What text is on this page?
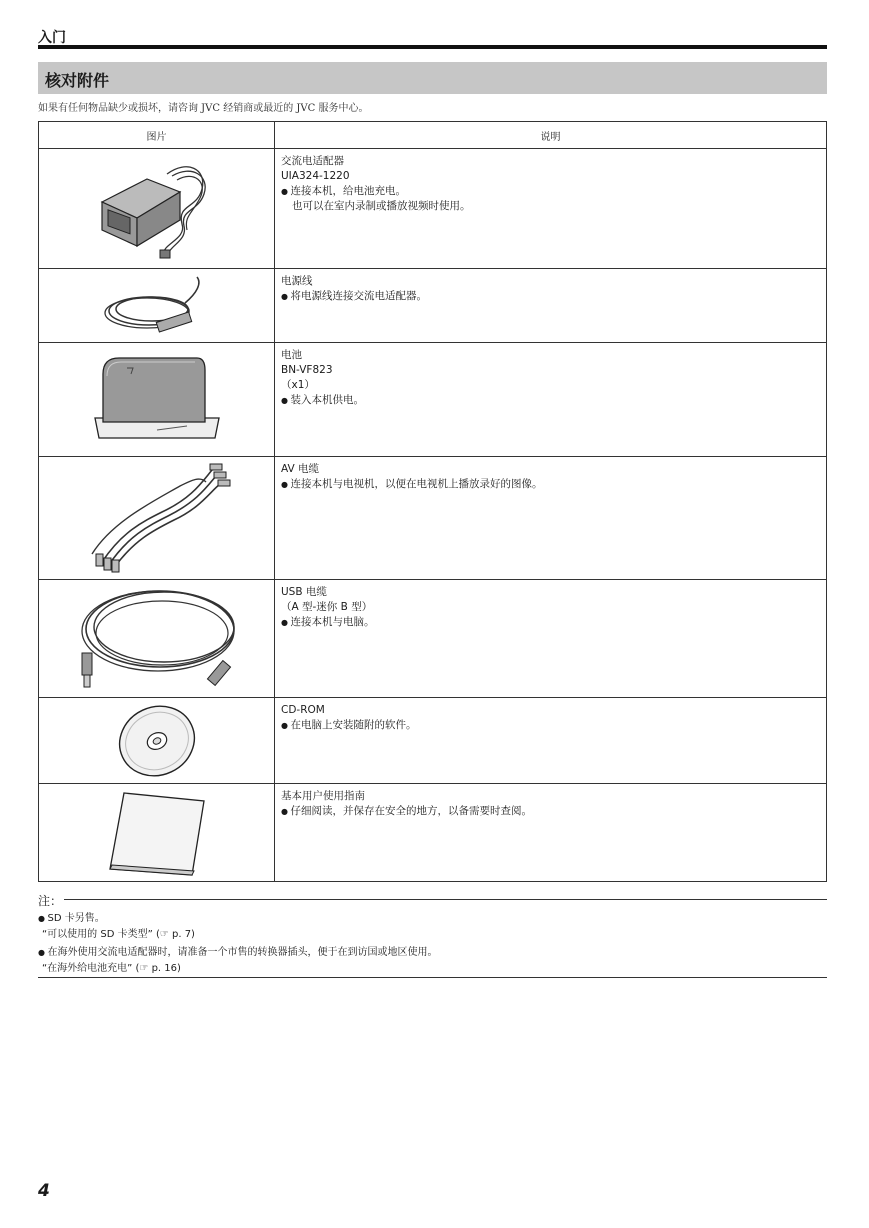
入门
核对附件
如果有任何物品缺少或损坏，请咨询 JVC 经销商或最近的 JVC 服务中心。
图片	说明

交流电适配器
UIA324-1220
● 连接本机，给电池充电。
也可以在室内录制或播放视频时使用。

电源线
● 将电源线连接交流电适配器。

电池
BN-VF823
（x1）
● 装入本机供电。

AV 电缆
● 连接本机与电视机，以便在电视机上播放录好的图像。

USB 电缆
（A 型-迷你 B 型）
● 连接本机与电脑。

CD-ROM
● 在电脑上安装随附的软件。

基本用户使用指南
● 仔细阅读，并保存在安全的地方，以备需要时查阅。
注：
● SD 卡另售。
“可以使用的 SD 卡类型” (☞ p. 7)
● 在海外使用交流电适配器时，请准备一个市售的转换器插头，便于在到访国或地区使用。
“在海外给电池充电” (☞ p. 16)
4
